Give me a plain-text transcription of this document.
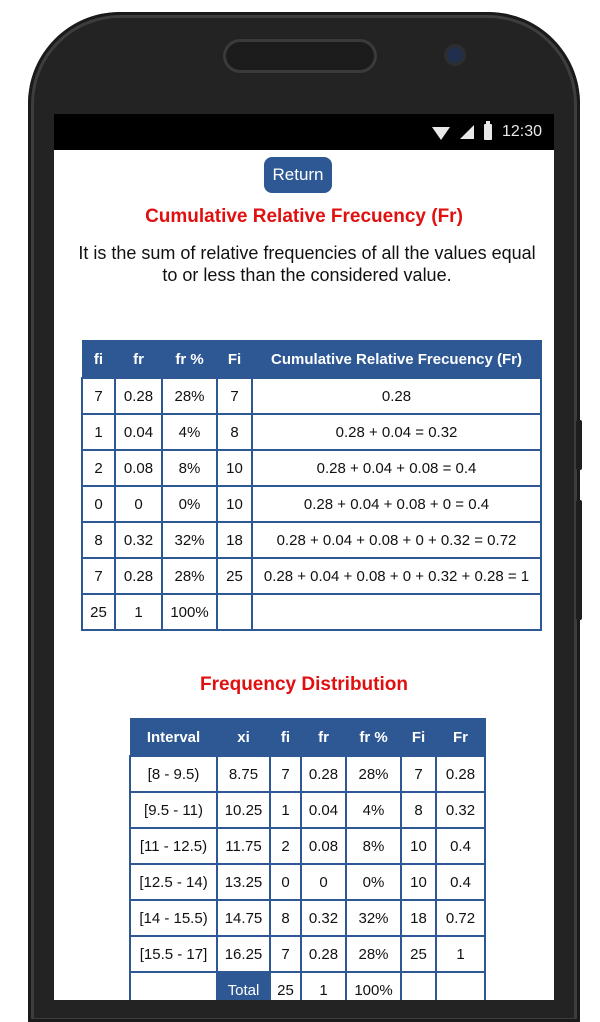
12:30
Return
Cumulative Relative Frecuency (Fr)
It is the sum of relative frequencies of all the values equal to or less than the considered value.
fi	fr	fr %	Fi	Cumulative Relative Frecuency (Fr)
7	0.28	28%	7	0.28
1	0.04	4%	8	0.28 + 0.04 = 0.32
2	0.08	8%	10	0.28 + 0.04 + 0.08 = 0.4
0	0	0%	10	0.28 + 0.04 + 0.08 + 0 = 0.4
8	0.32	32%	18	0.28 + 0.04 + 0.08 + 0 + 0.32 = 0.72
7	0.28	28%	25	0.28 + 0.04 + 0.08 + 0 + 0.32 + 0.28 = 1
25	1	100%		
Frequency Distribution
Interval	xi	fi	fr	fr %	Fi	Fr
[8 - 9.5)	8.75	7	0.28	28%	7	0.28
[9.5 - 11)	10.25	1	0.04	4%	8	0.32
[11 - 12.5)	11.75	2	0.08	8%	10	0.4
[12.5 - 14)	13.25	0	0	0%	10	0.4
[14 - 15.5)	14.75	8	0.32	32%	18	0.72
[15.5 - 17]	16.25	7	0.28	28%	25	1
	Total	25	1	100%		
